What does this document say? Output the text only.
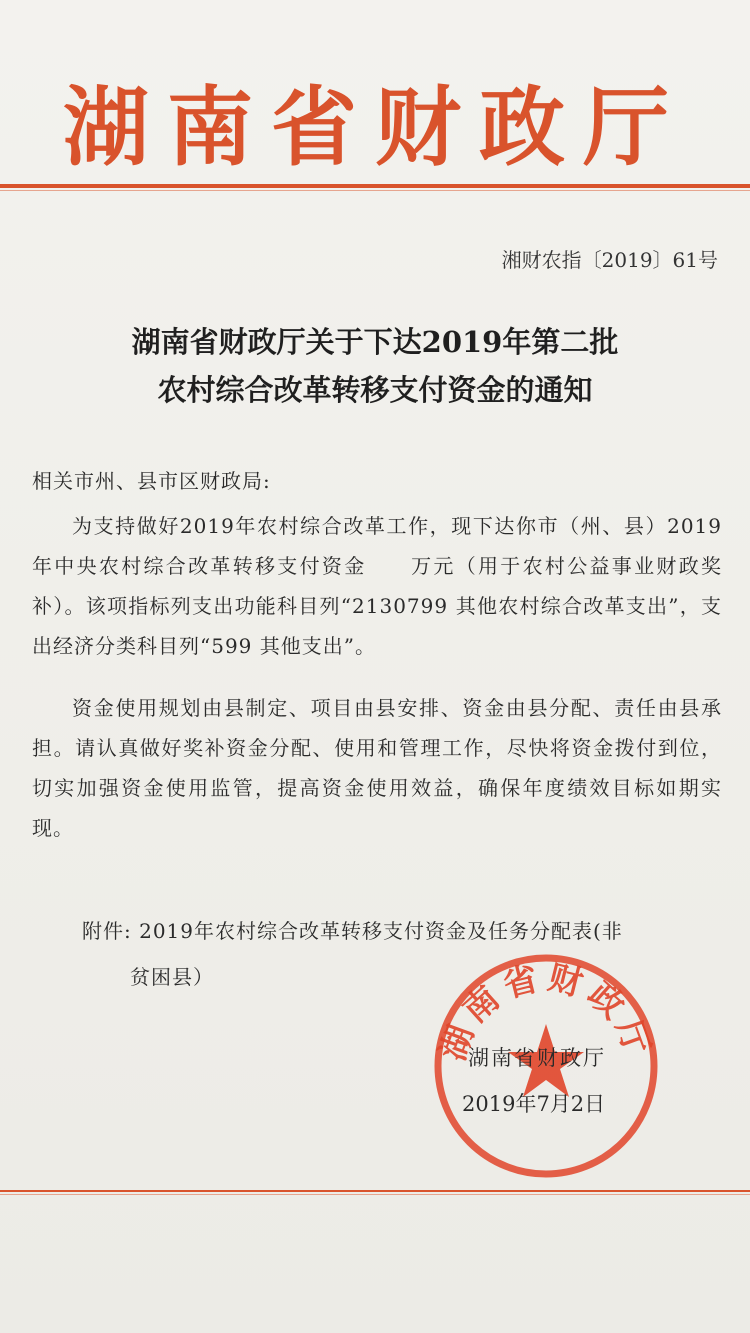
湖南省财政厅
湘财农指〔2019〕61号
湖南省财政厅关于下达2019年第二批
农村综合改革转移支付资金的通知
相关市州、县市区财政局:

为支持做好2019年农村综合改革工作，现下达你市（州、县）2019年中央农村综合改革转移支付资金　　万元（用于农村公益事业财政奖补）。该项指标列支出功能科目列“2130799 其他农村综合改革支出”，支出经济分类科目列“599 其他支出”。

资金使用规划由县制定、项目由县安排、资金由县分配、责任由县承担。请认真做好奖补资金分配、使用和管理工作，尽快将资金拨付到位，切实加强资金使用监管，提高资金使用效益，确保年度绩效目标如期实现。

附件: 2019年农村综合改革转移支付资金及任务分配表(非
贫困县）
湖南省财政厅
湖南省财政厅
2019年7月2日
